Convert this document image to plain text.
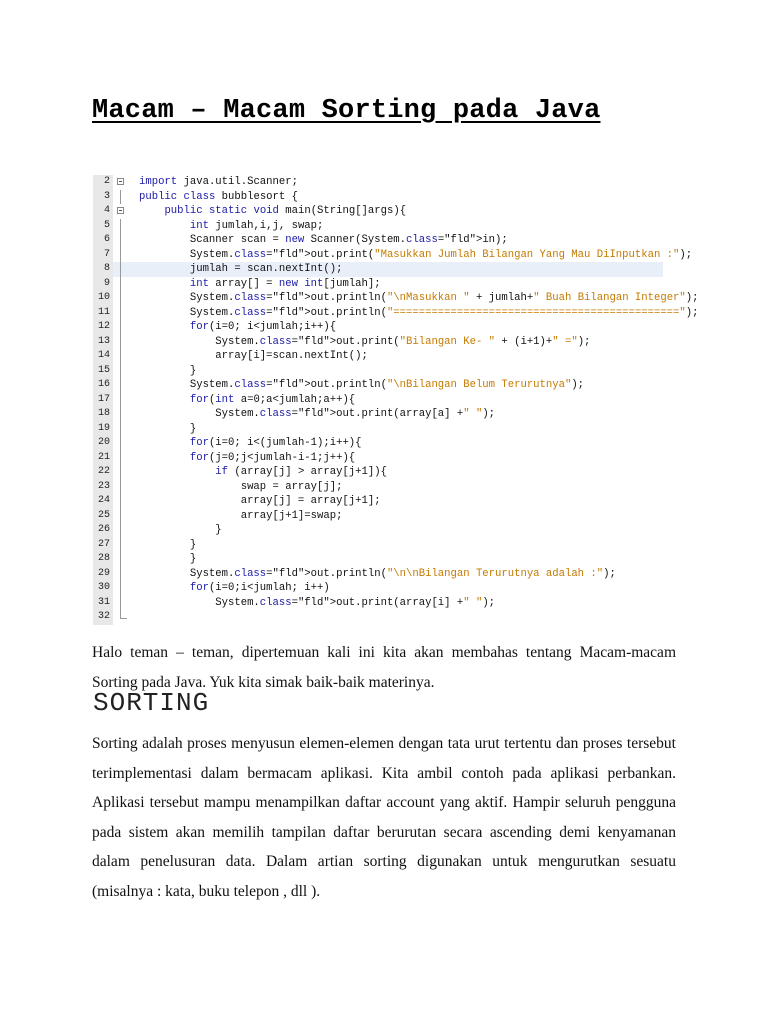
Macam – Macam Sorting pada Java
2	import java.util.Scanner;
3	public class bubblesort {
4	public static void main(String[]args){
5	int jumlah,i,j, swap;
6	Scanner scan = new Scanner(System.class="fld">in);
7	System.class="fld">out.print("Masukkan Jumlah Bilangan Yang Mau DiInputkan :");
8	jumlah = scan.nextInt();
9	int array[] = new int[jumlah];
10	System.class="fld">out.println("\nMasukkan " + jumlah+" Buah Bilangan Integer");
11	System.class="fld">out.println("=============================================");
12	for(i=0; i<jumlah;i++){
13	System.class="fld">out.print("Bilangan Ke- " + (i+1)+" =");
14	array[i]=scan.nextInt();
15	}
16	System.class="fld">out.println("\nBilangan Belum Terurutnya");
17	for(int a=0;a<jumlah;a++){
18	System.class="fld">out.print(array[a] +" ");
19	}
20	for(i=0; i<(jumlah-1);i++){
21	for(j=0;j<jumlah-i-1;j++){
22	if (array[j] > array[j+1]){
23	swap = array[j];
24	array[j] = array[j+1];
25	array[j+1]=swap;
26	}
27	}
28	}
29	System.class="fld">out.println("\n\nBilangan Terurutnya adalah :");
30	for(i=0;i<jumlah; i++)
31	System.class="fld">out.print(array[i] +" ");
32
Halo teman – teman, dipertemuan kali ini kita akan membahas tentang Macam-macam Sorting pada Java. Yuk kita simak baik-baik materinya.
SORTING
Sorting adalah proses menyusun elemen-elemen dengan tata urut tertentu dan proses tersebut terimplementasi dalam bermacam aplikasi. Kita ambil contoh pada aplikasi perbankan. Aplikasi tersebut mampu menampilkan daftar account yang aktif. Hampir seluruh pengguna pada sistem akan memilih tampilan daftar berurutan secara ascending demi kenyamanan dalam penelusuran data. Dalam artian sorting digunakan untuk mengurutkan sesuatu (misalnya : kata, buku telepon , dll ).
